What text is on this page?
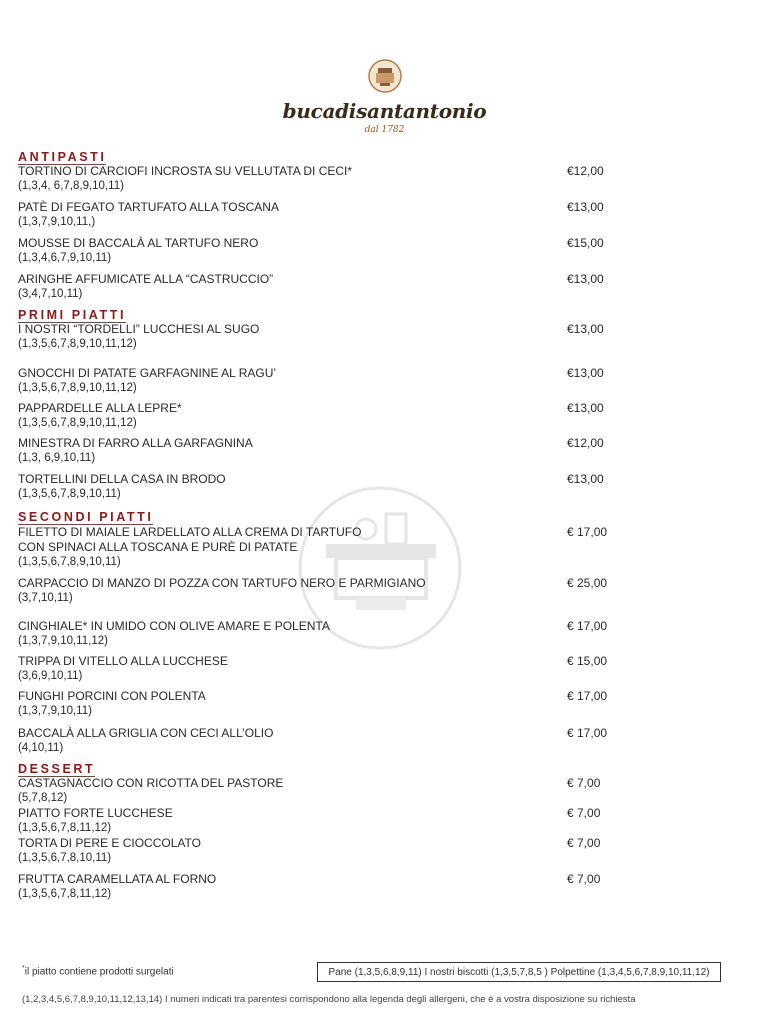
bucadisantantonio
dal 1782
ANTIPASTI
TORTINO DI CARCIOFI INCROSTA SU VELLUTATA DI CECI*
(1,3,4, 6,7,8,9,10,11)
€12,00
PATÈ DI FEGATO TARTUFATO ALLA TOSCANA
(1,3,7,9,10,11,)
€13,00
MOUSSE DI BACCALÀ AL TARTUFO NERO
(1,3,4,6,7,9,10,11)
€15,00
ARINGHE AFFUMICATE ALLA “CASTRUCCIO”
(3,4,7,10,11)
€13,00
PRIMI PIATTI
I NOSTRI “TORDELLI” LUCCHESI AL SUGO
(1,3,5,6,7,8,9,10,11,12)
€13,00
GNOCCHI DI PATATE GARFAGNINE AL RAGU’
(1,3,5,6,7,8,9,10,11,12)
€13,00
PAPPARDELLE ALLA LEPRE*
(1,3,5,6,7,8,9,10,11,12)
€13,00
MINESTRA DI FARRO ALLA GARFAGNINA
(1,3, 6,9,10,11)
€12,00
TORTELLINI DELLA CASA IN BRODO
(1,3,5,6,7,8,9,10,11)
€13,00
SECONDI PIATTI
FILETTO DI MAIALE LARDELLATO ALLA CREMA DI TARTUFO
CON SPINACI ALLA TOSCANA E PURÈ DI PATATE
(1,3,5,6,7,8,9,10,11)
€ 17,00
CARPACCIO DI MANZO DI POZZA CON TARTUFO NERO E PARMIGIANO
(3,7,10,11)
€ 25,00
CINGHIALE* IN UMIDO CON OLIVE AMARE E POLENTA
(1,3,7,9,10,11,12)
€ 17,00
TRIPPA DI VITELLO ALLA LUCCHESE
(3,6,9,10,11)
€ 15,00
FUNGHI PORCINI CON POLENTA
(1,3,7,9,10,11)
€ 17,00
BACCALÀ ALLA GRIGLIA CON CECI ALL’OLIO
(4,10,11)
€ 17,00
DESSERT
CASTAGNACCIO CON RICOTTA DEL PASTORE
(5,7,8,12)
€ 7,00
PIATTO FORTE LUCCHESE
(1,3,5,6,7,8,11,12)
€ 7,00
TORTA DI PERE E CIOCCOLATO
(1,3,5,6,7,8,10,11)
€ 7,00
FRUTTA CARAMELLATA AL FORNO
(1,3,5,6,7,8,11,12)
€ 7,00
*il piatto contiene prodotti surgelati	Pane (1,3,5,6,8,9,11) I nostri biscotti (1,3,5,7,8,5 ) Polpettine (1,3,4,5,6,7,8,9,10,11,12)
(1,2,3,4,5,6,7,8,9,10,11,12,13,14) I numeri indicati tra parentesi corrispondono alla legenda degli allergeni, che è a vostra disposizione su richiesta
